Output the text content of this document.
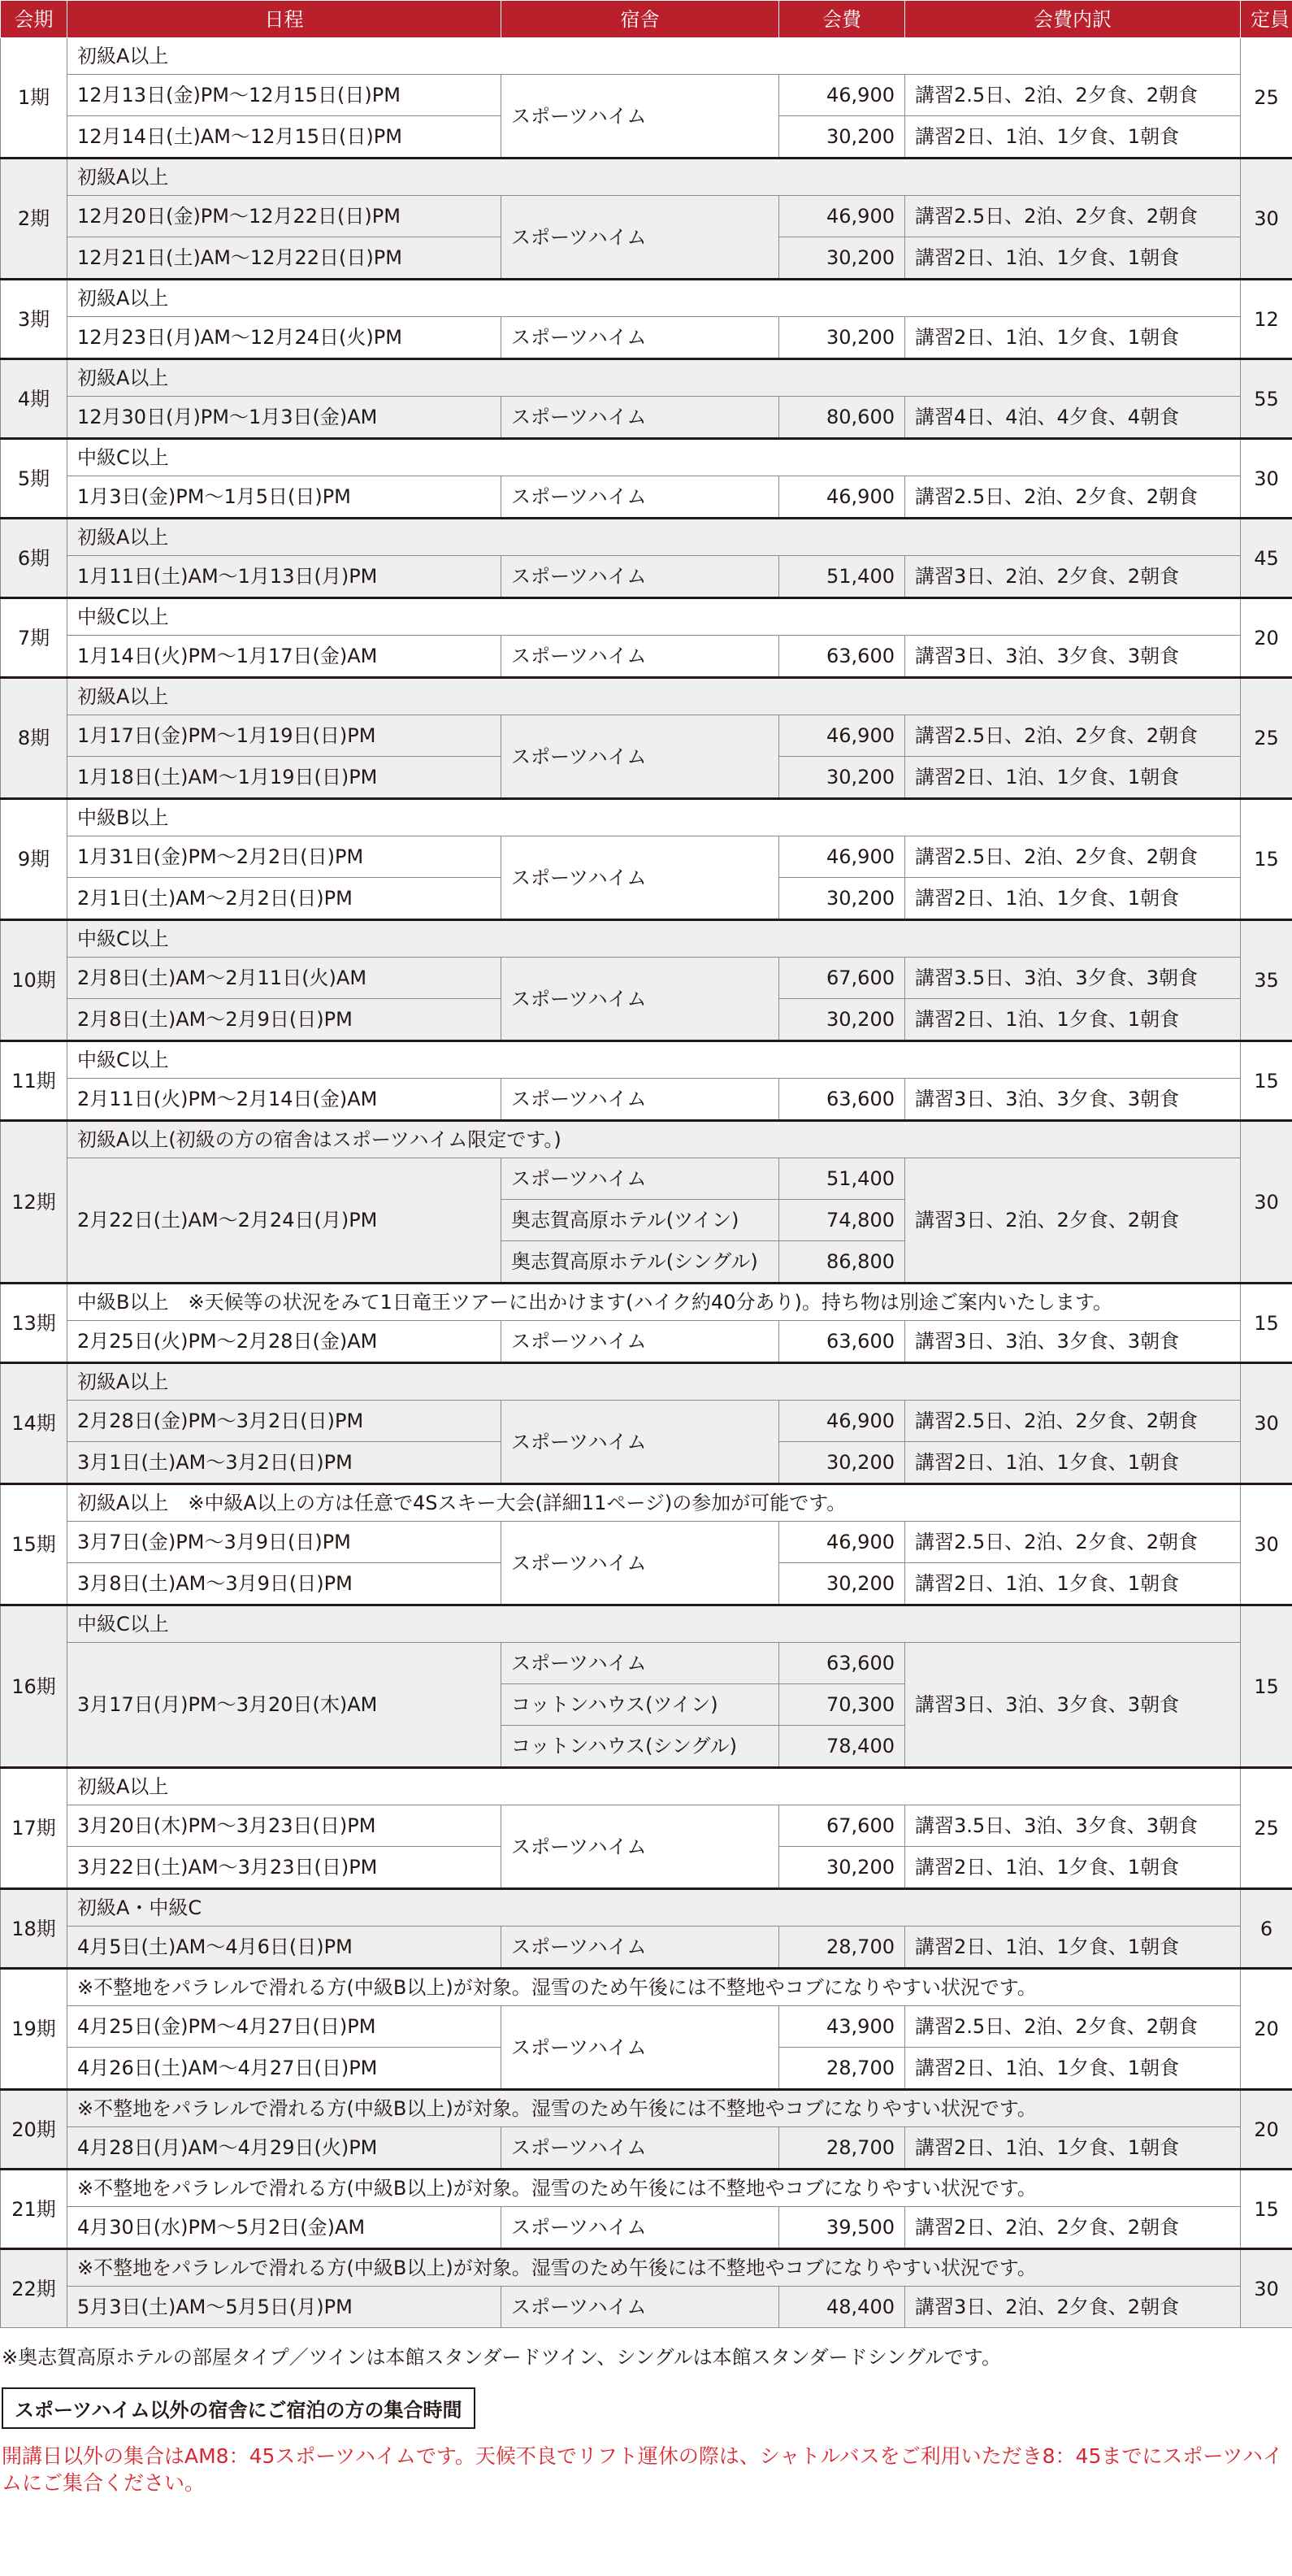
会期	日程	宿舎	会費	会費内訳	定員
1期	初級A以上				25
	12月13日(金)PM～12月15日(日)PM	スポーツハイム	46,900	講習2.5日、2泊、2夕食、2朝食	
	12月14日(土)AM～12月15日(日)PM		30,200	講習2日、1泊、1夕食、1朝食	
2期	初級A以上				30
	12月20日(金)PM～12月22日(日)PM	スポーツハイム	46,900	講習2.5日、2泊、2夕食、2朝食	
	12月21日(土)AM～12月22日(日)PM		30,200	講習2日、1泊、1夕食、1朝食	
3期	初級A以上				12
	12月23日(月)AM～12月24日(火)PM	スポーツハイム	30,200	講習2日、1泊、1夕食、1朝食	
4期	初級A以上				55
	12月30日(月)PM～1月3日(金)AM	スポーツハイム	80,600	講習4日、4泊、4夕食、4朝食	
5期	中級C以上				30
	1月3日(金)PM～1月5日(日)PM	スポーツハイム	46,900	講習2.5日、2泊、2夕食、2朝食	
6期	初級A以上				45
	1月11日(土)AM～1月13日(月)PM	スポーツハイム	51,400	講習3日、2泊、2夕食、2朝食	
7期	中級C以上				20
	1月14日(火)PM～1月17日(金)AM	スポーツハイム	63,600	講習3日、3泊、3夕食、3朝食	
8期	初級A以上				25
	1月17日(金)PM～1月19日(日)PM	スポーツハイム	46,900	講習2.5日、2泊、2夕食、2朝食	
	1月18日(土)AM～1月19日(日)PM		30,200	講習2日、1泊、1夕食、1朝食	
9期	中級B以上				15
	1月31日(金)PM～2月2日(日)PM	スポーツハイム	46,900	講習2.5日、2泊、2夕食、2朝食	
	2月1日(土)AM～2月2日(日)PM		30,200	講習2日、1泊、1夕食、1朝食	
10期	中級C以上				35
	2月8日(土)AM～2月11日(火)AM	スポーツハイム	67,600	講習3.5日、3泊、3夕食、3朝食	
	2月8日(土)AM～2月9日(日)PM		30,200	講習2日、1泊、1夕食、1朝食	
11期	中級C以上				15
	2月11日(火)PM～2月14日(金)AM	スポーツハイム	63,600	講習3日、3泊、3夕食、3朝食	
12期	初級A以上(初級の方の宿舎はスポーツハイム限定です。)				30
	2月22日(土)AM～2月24日(月)PM	スポーツハイム	51,400	講習3日、2泊、2夕食、2朝食	
		奥志賀高原ホテル(ツイン)	74,800		
		奥志賀高原ホテル(シングル)	86,800		
13期	中級B以上　※天候等の状況をみて1日竜王ツアーに出かけます(ハイク約40分あり)。持ち物は別途ご案内いたします。				15
	2月25日(火)PM～2月28日(金)AM	スポーツハイム	63,600	講習3日、3泊、3夕食、3朝食	
14期	初級A以上				30
	2月28日(金)PM～3月2日(日)PM	スポーツハイム	46,900	講習2.5日、2泊、2夕食、2朝食	
	3月1日(土)AM～3月2日(日)PM		30,200	講習2日、1泊、1夕食、1朝食	
15期	初級A以上　※中級A以上の方は任意で4Sスキー大会(詳細11ページ)の参加が可能です。				30
	3月7日(金)PM～3月9日(日)PM	スポーツハイム	46,900	講習2.5日、2泊、2夕食、2朝食	
	3月8日(土)AM～3月9日(日)PM		30,200	講習2日、1泊、1夕食、1朝食	
16期	中級C以上				15
	3月17日(月)PM～3月20日(木)AM	スポーツハイム	63,600	講習3日、3泊、3夕食、3朝食	
		コットンハウス(ツイン)	70,300		
		コットンハウス(シングル)	78,400		
17期	初級A以上				25
	3月20日(木)PM～3月23日(日)PM	スポーツハイム	67,600	講習3.5日、3泊、3夕食、3朝食	
	3月22日(土)AM～3月23日(日)PM		30,200	講習2日、1泊、1夕食、1朝食	
18期	初級A・中級C				6
	4月5日(土)AM～4月6日(日)PM	スポーツハイム	28,700	講習2日、1泊、1夕食、1朝食	
19期	※不整地をパラレルで滑れる方(中級B以上)が対象。湿雪のため午後には不整地やコブになりやすい状況です。				20
	4月25日(金)PM～4月27日(日)PM	スポーツハイム	43,900	講習2.5日、2泊、2夕食、2朝食	
	4月26日(土)AM～4月27日(日)PM		28,700	講習2日、1泊、1夕食、1朝食	
20期	※不整地をパラレルで滑れる方(中級B以上)が対象。湿雪のため午後には不整地やコブになりやすい状況です。				20
	4月28日(月)AM～4月29日(火)PM	スポーツハイム	28,700	講習2日、1泊、1夕食、1朝食	
21期	※不整地をパラレルで滑れる方(中級B以上)が対象。湿雪のため午後には不整地やコブになりやすい状況です。				15
	4月30日(水)PM～5月2日(金)AM	スポーツハイム	39,500	講習2日、2泊、2夕食、2朝食	
22期	※不整地をパラレルで滑れる方(中級B以上)が対象。湿雪のため午後には不整地やコブになりやすい状況です。				30
	5月3日(土)AM～5月5日(月)PM	スポーツハイム	48,400	講習3日、2泊、2夕食、2朝食	
※奥志賀高原ホテルの部屋タイプ／ツインは本館スタンダードツイン、シングルは本館スタンダードシングルです。
スポーツハイム以外の宿舎にご宿泊の方の集合時間
開講日以外の集合はAM8：45スポーツハイムです。天候不良でリフト運休の際は、シャトルバスをご利用いただき8：45までにスポーツハイムにご集合ください。
